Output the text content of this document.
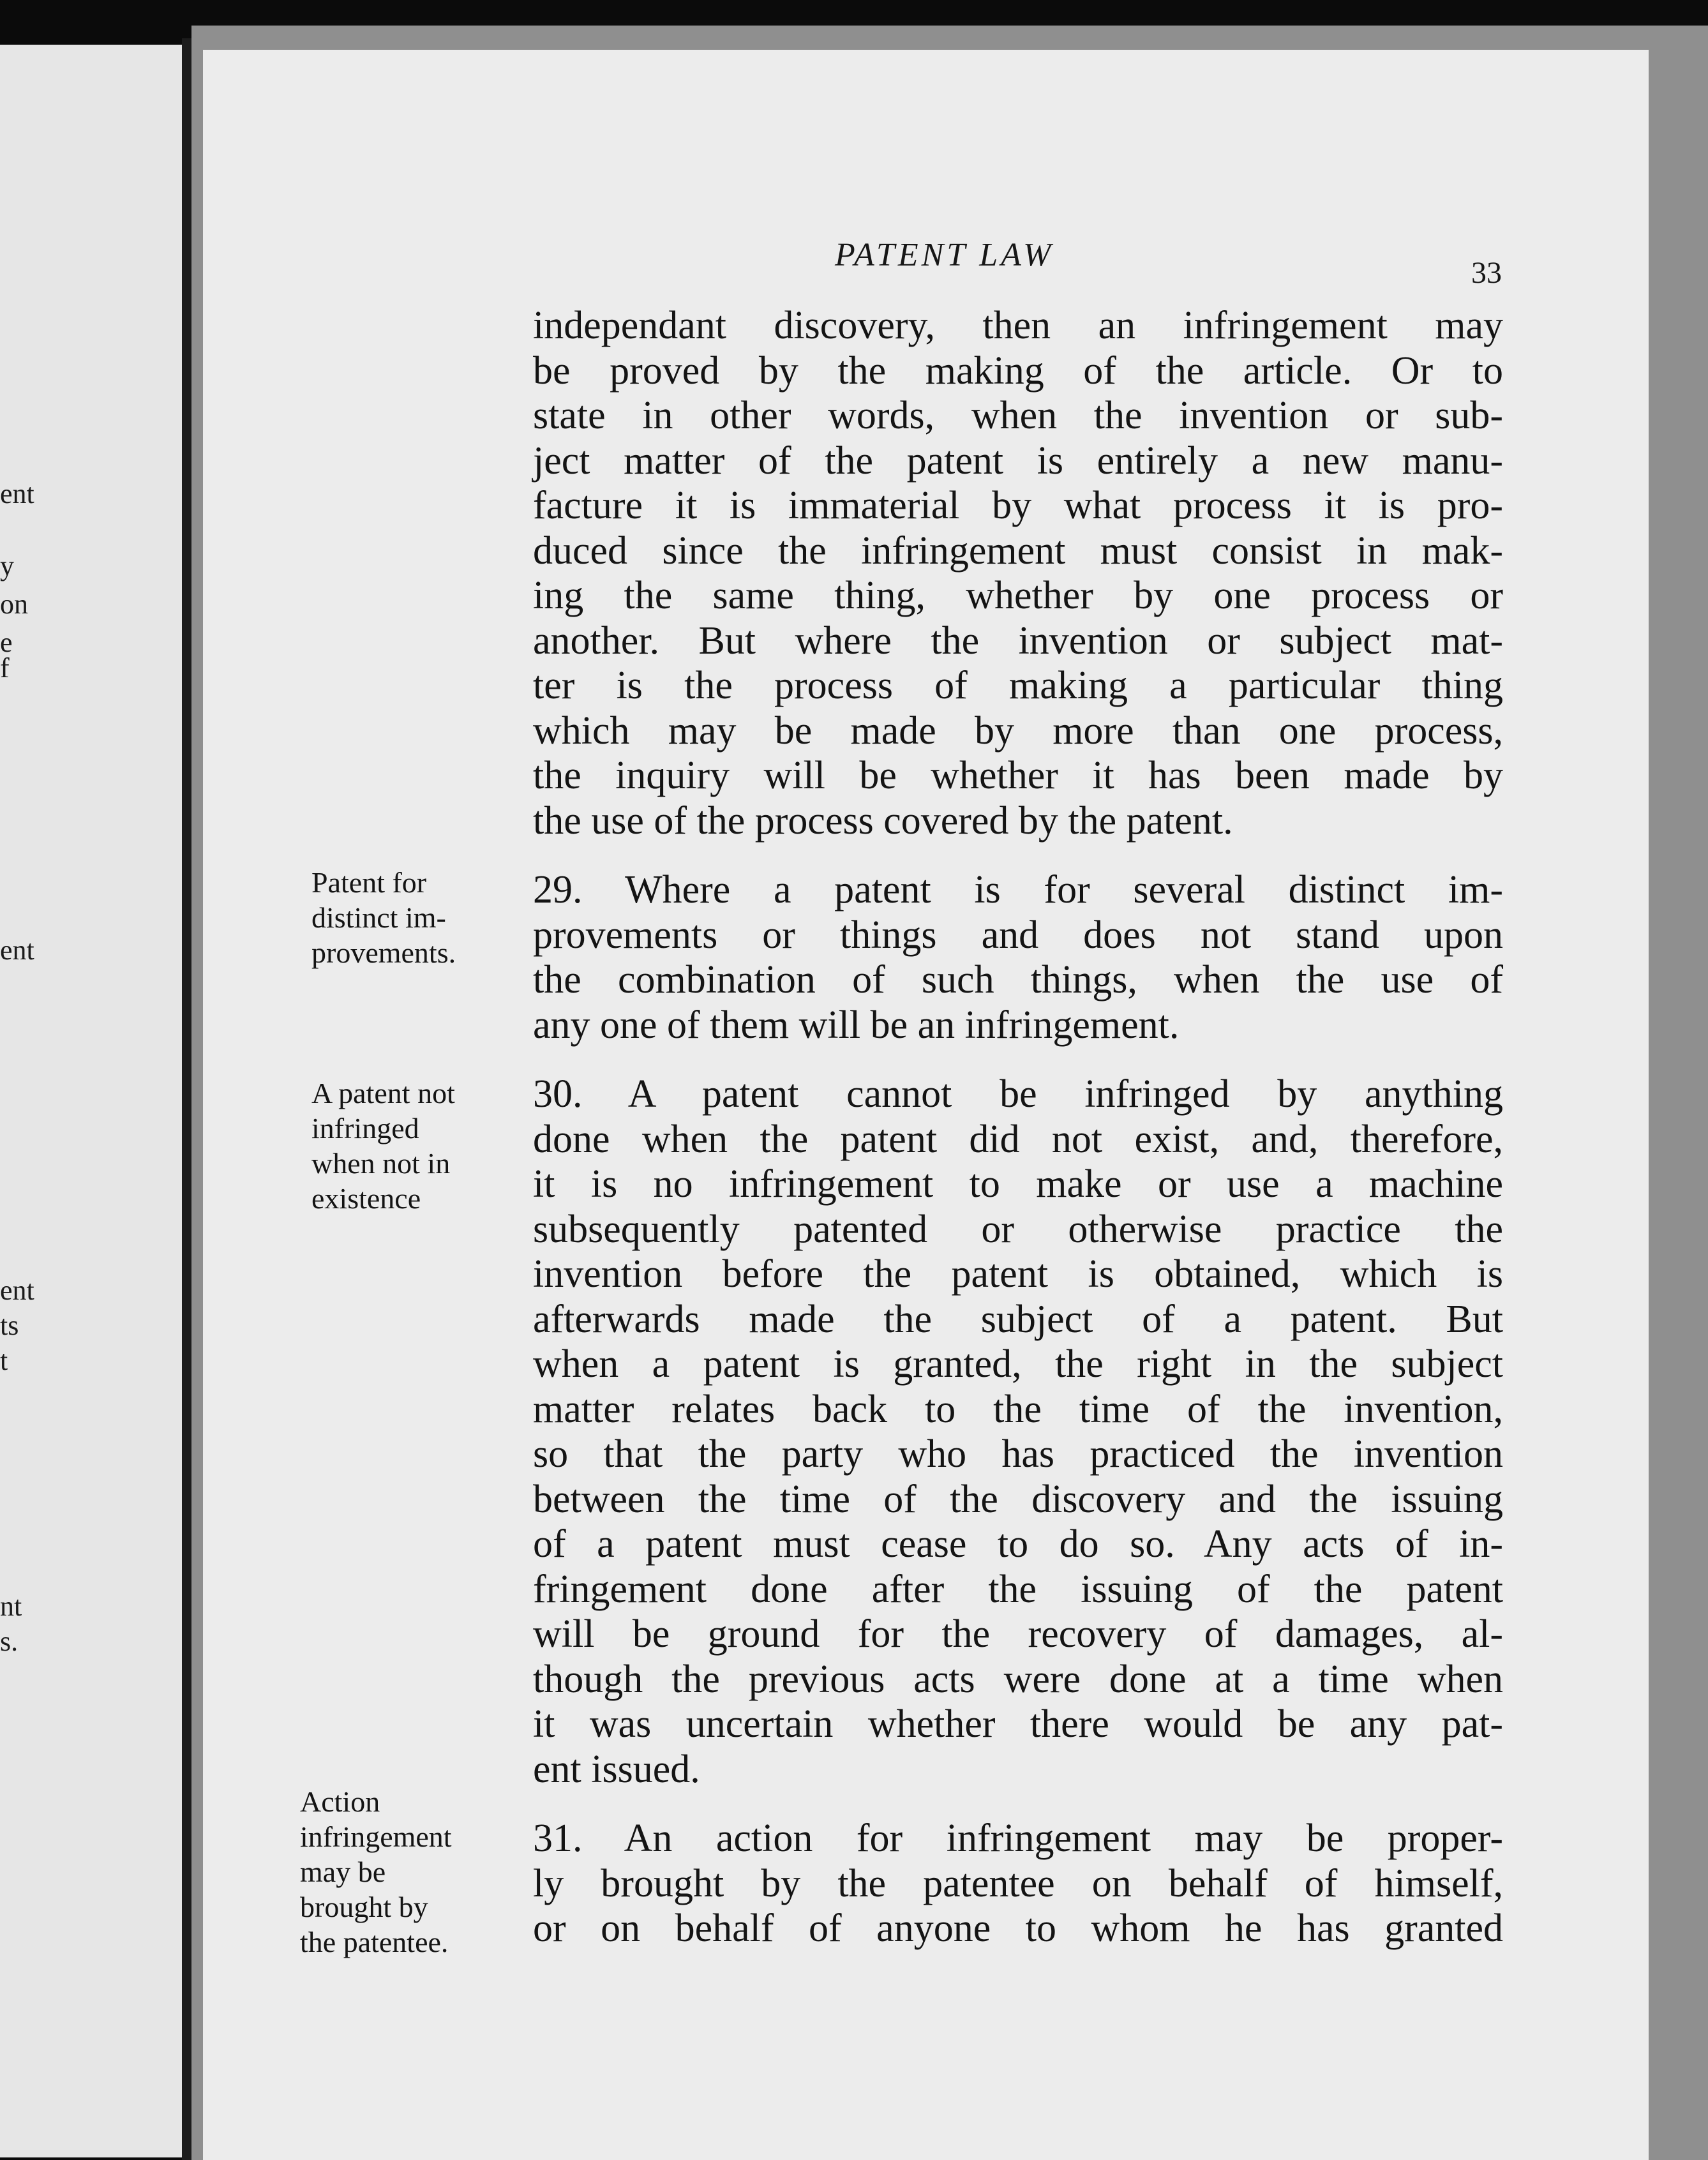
ent
y
on
e
f
ent
ent
ts
t
nt
s.
PATENT LAW	33
Patent for
distinct im-
provements.
A patent not
infringed
when not in
existence
Action
infringement
may be
brought by
the patentee.
independant discovery, then an infringement may
be proved by the making of the article. Or to
state in other words, when the invention or sub-
ject matter of the patent is entirely a new manu-
facture it is immaterial by what process it is pro-
duced since the infringement must consist in mak-
ing the same thing, whether by one process or
another. But where the invention or subject mat-
ter is the process of making a particular thing
which may be made by more than one process,
the inquiry will be whether it has been made by
the use of the process covered by the patent.
29. Where a patent is for several distinct im-
provements or things and does not stand upon
the combination of such things, when the use of
any one of them will be an infringement.
30. A patent cannot be infringed by anything
done when the patent did not exist, and, therefore,
it is no infringement to make or use a machine
subsequently patented or otherwise practice the
invention before the patent is obtained, which is
afterwards made the subject of a patent. But
when a patent is granted, the right in the subject
matter relates back to the time of the invention,
so that the party who has practiced the invention
between the time of the discovery and the issuing
of a patent must cease to do so. Any acts of in-
fringement done after the issuing of the patent
will be ground for the recovery of damages, al-
though the previous acts were done at a time when
it was uncertain whether there would be any pat-
ent issued.
31. An action for infringement may be proper-
ly brought by the patentee on behalf of himself,
or on behalf of anyone to whom he has granted
